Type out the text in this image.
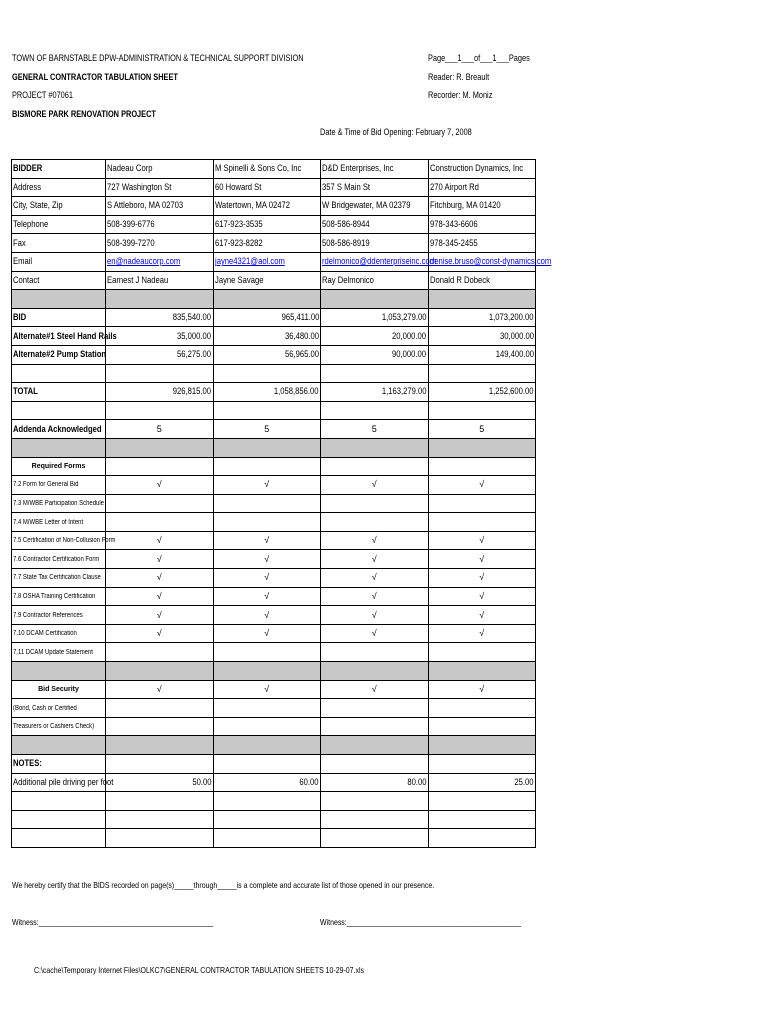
TOWN OF BARNSTABLE DPW-ADMINISTRATION & TECHNICAL SUPPORT DIVISION
GENERAL CONTRACTOR TABULATION SHEET
PROJECT #07061
BISMORE PARK RENOVATION PROJECT
Page___1___of___1___Pages
Reader: R. Breault
Recorder: M. Moniz
Date & Time of Bid Opening: February 7, 2008
BIDDER	Nadeau Corp	M Spinelli & Sons Co, Inc	D&D Enterprises, Inc	Construction Dynamics, Inc
Address	727 Washington St	60 Howard St	357 S Main St	270 Airport Rd
City, State, Zip	S Attleboro, MA 02703	Watertown, MA 02472	W Bridgewater, MA 02379	Fitchburg, MA 01420
Telephone	508-399-6776	617-923-3535	508-586-8944	978-343-6606
Fax	508-399-7270	617-923-8282	508-586-8919	978-345-2455
Email	en@nadeaucorp.com	jayne4321@aol.com	rdelmonico@ddenterpriseinc.com	denise.bruso@const-dynamics.com
Contact	Earnest J Nadeau	Jayne Savage	Ray Delmonico	Donald R Dobeck

BID	835,540.00	965,411.00	1,053,279.00	1,073,200.00
Alternate#1 Steel Hand Rails	35,000.00	36,480.00	20,000.00	30,000.00
Alternate#2 Pump Station	56,275.00	56,965.00	90,000.00	149,400.00

TOTAL	926,815.00	1,058,856.00	1,163,279.00	1,252,600.00

Addenda Acknowledged	5	5	5	5

Required Forms				
7.2 Form for General Bid	√	√	√	√
7.3 M/WBE Participation Schedule				
7.4 M/WBE Letter of Intent				
7.5 Certification of Non-Collusion Form	√	√	√	√
7.6 Contractor Certification Form	√	√	√	√
7.7 State Tax Certification Clause	√	√	√	√
7.8 OSHA Training Certification	√	√	√	√
7.9 Contractor References	√	√	√	√
7.10 DCAM Certification	√	√	√	√
7.11 DCAM Update Statement				

Bid Security	√	√	√	√
(Bond, Cash or Certified				
Treasurers or Cashiers Check)				

NOTES:				
Additional pile driving per foot	50.00	60.00	80.00	25.00

We hereby certify that the BIDS recorded on page(s)_____through_____is a complete and accurate list of those opened in our presence.
Witness:_____________________________________________	Witness:_____________________________________________
C:\cache\Temporary Internet Files\OLKC7\GENERAL CONTRACTOR TABULATION SHEETS 10-29-07.xls
